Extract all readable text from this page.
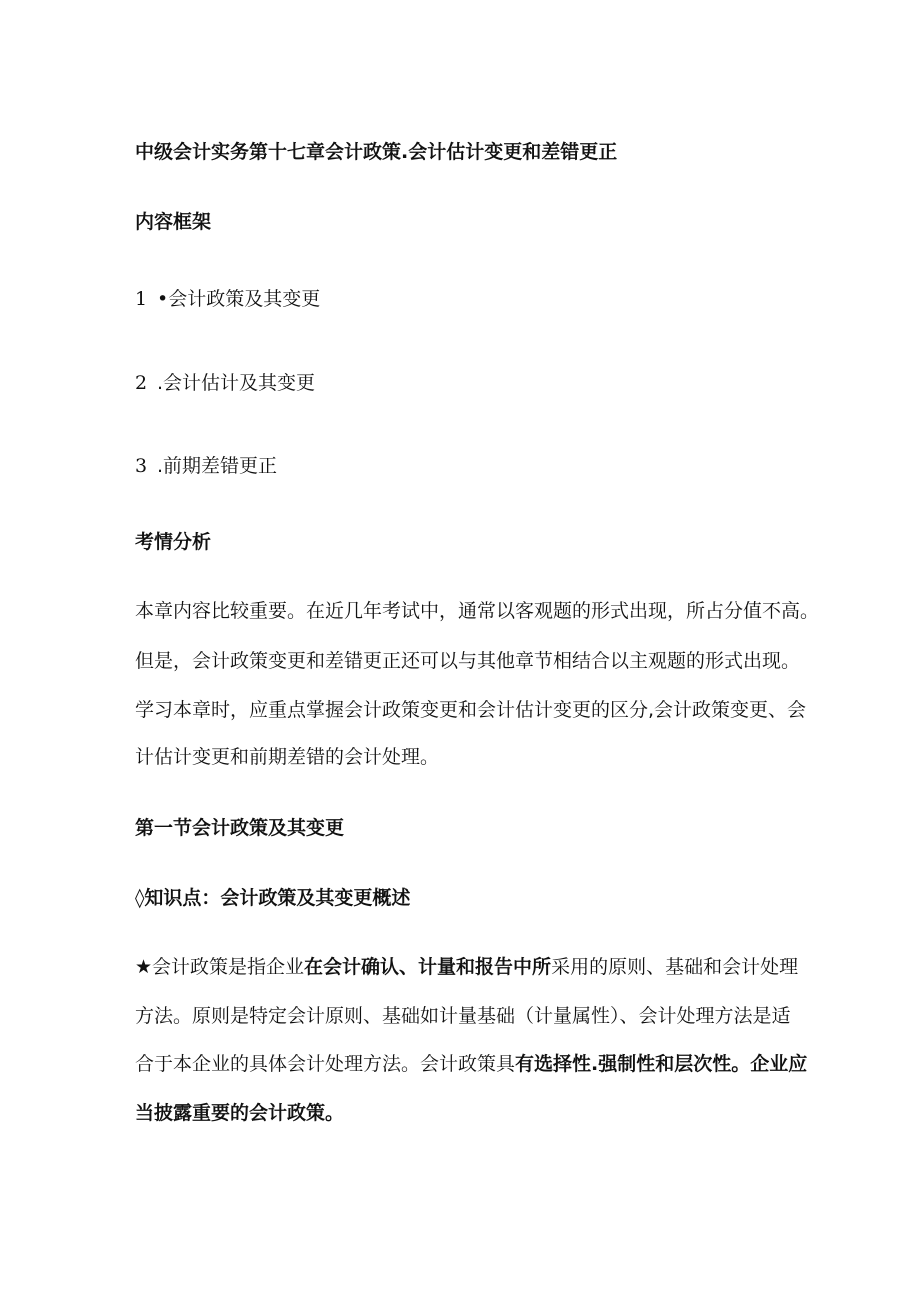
中级会计实务第十七章会计政策.会计估计变更和差错更正
内容框架
1 •会计政策及其变更
2 .会计估计及其变更
3 .前期差错更正
考情分析
本章内容比较重要。在近几年考试中，通常以客观题的形式出现，所占分值不高。
但是，会计政策变更和差错更正还可以与其他章节相结合以主观题的形式出现。
学习本章时，应重点掌握会计政策变更和会计估计变更的区分,会计政策变更、会
计估计变更和前期差错的会计处理。
第一节会计政策及其变更
◊知识点：会计政策及其变更概述
★会计政策是指企业在会计确认、计量和报告中所采用的原则、基础和会计处理
方法。原则是特定会计原则、基础如计量基础（计量属性）、会计处理方法是适
合于本企业的具体会计处理方法。会计政策具有选择性.强制性和层次性。企业应
当披露重要的会计政策。
